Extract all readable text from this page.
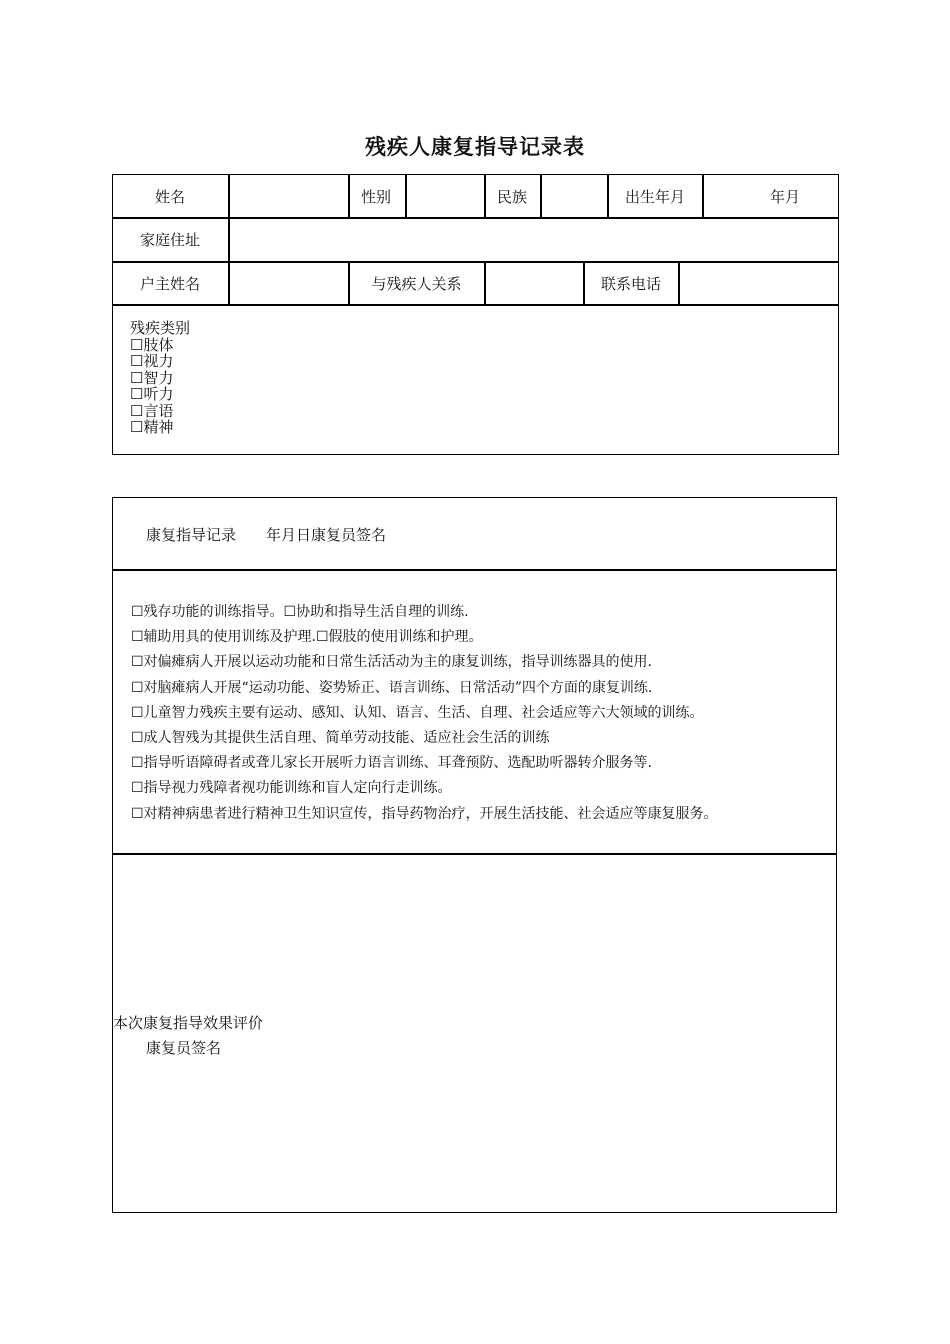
残疾人康复指导记录表
姓名	性别	民族	出生年月	年月
家庭住址
户主姓名	与残疾人关系	联系电话
残疾类别
☐肢体
☐视力
☐智力
☐听力
☐言语
☐精神
康复指导记录　　年月日康复员签名
☐残存功能的训练指导。☐协助和指导生活自理的训练.
☐辅助用具的使用训练及护理.☐假肢的使用训练和护理。
☐对偏瘫病人开展以运动功能和日常生活活动为主的康复训练，指导训练器具的使用.
☐对脑瘫病人开展“运动功能、姿势矫正、语言训练、日常活动”四个方面的康复训练.
☐儿童智力残疾主要有运动、感知、认知、语言、生活、自理、社会适应等六大领域的训练。
☐成人智残为其提供生活自理、简单劳动技能、适应社会生活的训练
☐指导听语障碍者或聋儿家长开展听力语言训练、耳聋预防、选配助听器转介服务等.
☐指导视力残障者视功能训练和盲人定向行走训练。
☐对精神病患者进行精神卫生知识宣传，指导药物治疗，开展生活技能、社会适应等康复服务。
本次康复指导效果评价
康复员签名
